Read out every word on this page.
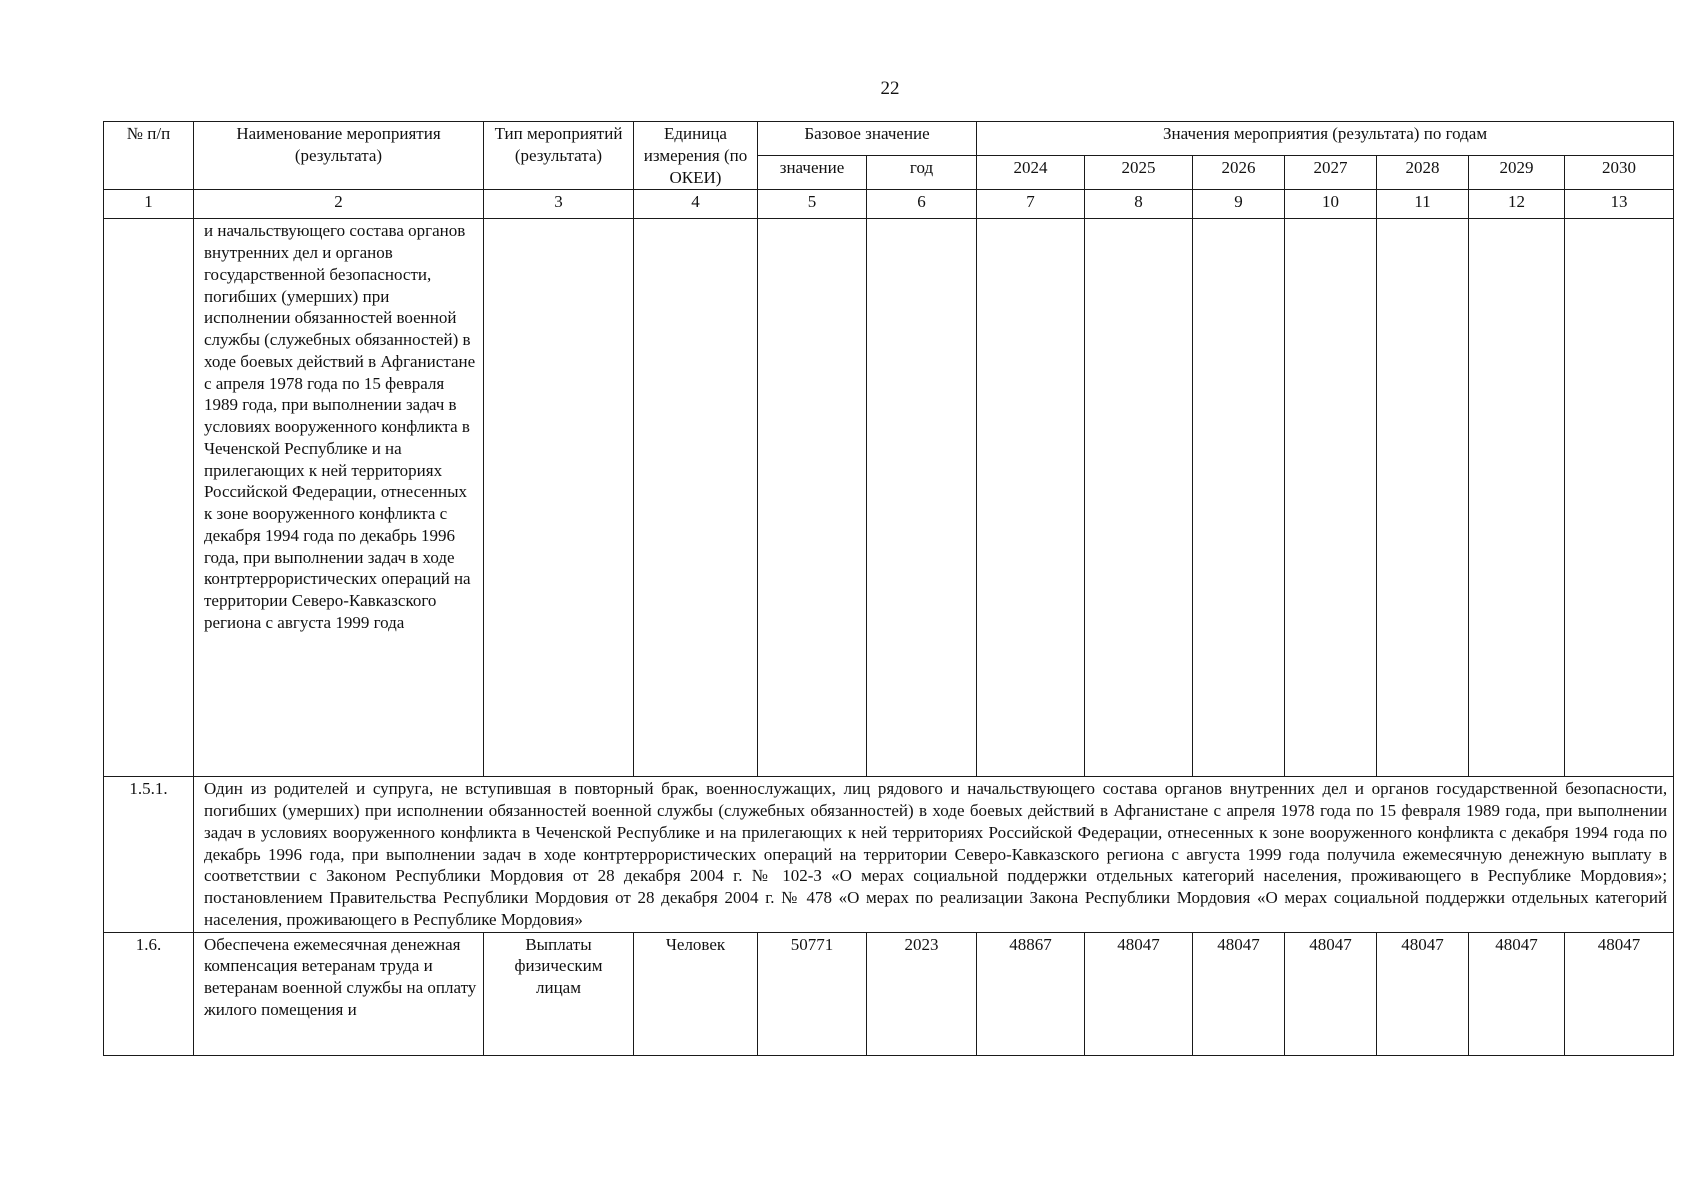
22
№ п/п	Наименование мероприятия (результата)	Тип мероприятий (результата)	Единица измерения (по ОКЕИ)	Базовое значение		Значения мероприятия (результата) по годам						
				значение	год	2024	2025	2026	2027	2028	2029	2030
1	2	3	4	5	6	7	8	9	10	11	12	13
	и начальствующего состава органов внутренних дел и органов государственной безопасности, погибших (умерших) при исполнении обязанностей военной службы (служебных обязанностей) в ходе боевых действий в Афганистане с апреля 1978 года по 15 февраля 1989 года, при выполнении задач в условиях вооруженного конфликта в Чеченской Республике и на прилегающих к ней территориях Российской Федерации, отнесенных к зоне вооруженного конфликта с декабря 1994 года по декабрь 1996 года, при выполнении задач в ходе контртеррористических операций на территории Северо-Кавказского региона с августа 1999 года											
1.5.1.	Один из родителей и супруга, не вступившая в повторный брак, военнослужащих, лиц рядового и начальствующего состава органов внутренних дел и органов государственной безопасности, погибших (умерших) при исполнении обязанностей военной службы (служебных обязанностей) в ходе боевых действий в Афганистане с апреля 1978 года по 15 февраля 1989 года, при выполнении задач в условиях вооруженного конфликта в Чеченской Республике и на прилегающих к ней территориях Российской Федерации, отнесенных к зоне вооруженного конфликта с декабря 1994 года по декабрь 1996 года, при выполнении задач в ходе контртеррористических операций на территории Северо-Кавказского региона с августа 1999 года получила ежемесячную денежную выплату в соответствии с Законом Республики Мордовия от 28 декабря 2004 г. № 102-З «О мерах социальной поддержки отдельных категорий населения, проживающего в Республике Мордовия»; постановлением Правительства Республики Мордовия от 28 декабря 2004 г. № 478 «О мерах по реализации Закона Республики Мордовия «О мерах социальной поддержки отдельных категорий населения, проживающего в Республике Мордовия»											
1.6.	Обеспечена ежемесячная денежная компенсация ветеранам труда и ветеранам военной службы на оплату жилого помещения и	Выплаты физическим лицам	Человек	50771	2023	48867	48047	48047	48047	48047	48047	48047
